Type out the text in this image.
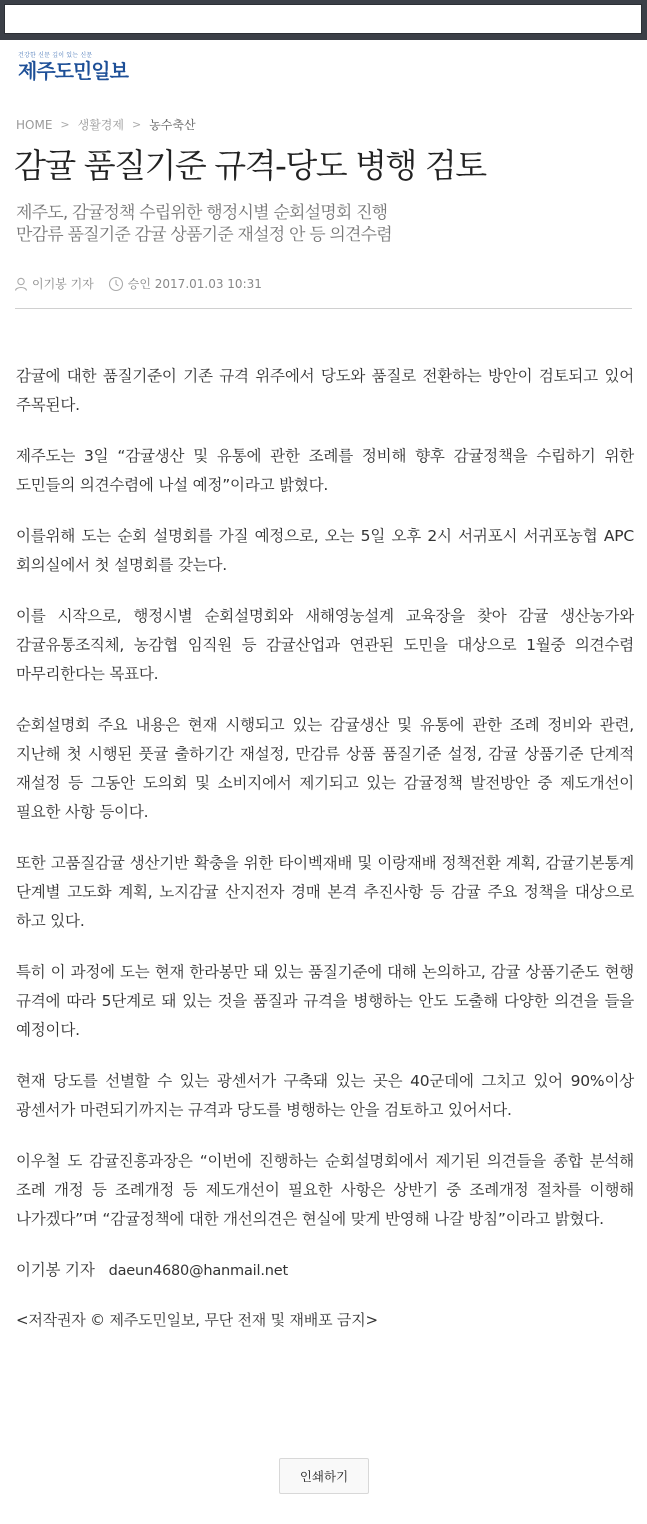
건강한 신문 깊이 있는 신문
제주도민일보
HOME > 생활경제 > 농수축산
감귤 품질기준 규격-당도 병행 검토
제주도, 감귤정책 수립위한 행정시별 순회설명회 진행
만감류 품질기준 감귤 상품기준 재설정 안 등 의견수렴
이기봉 기자	승인 2017.01.03 10:31

감귤에 대한 품질기준이 기존 규격 위주에서 당도와 품질로 전환하는 방안이 검토되고 있어 주목된다.

제주도는 3일 “감귤생산 및 유통에 관한 조례를 정비해 향후 감귤정책을 수립하기 위한 도민들의 의견수렴에 나설 예정”이라고 밝혔다.

이를위해 도는 순회 설명회를 가질 예정으로, 오는 5일 오후 2시 서귀포시 서귀포농협 APC 회의실에서 첫 설명회를 갖는다.

이를 시작으로, 행정시별 순회설명회와 새해영농설계 교육장을 찾아 감귤 생산농가와 감귤유통조직체, 농감협 임직원 등 감귤산업과 연관된 도민을 대상으로 1월중 의견수렴 마무리한다는 목표다.

순회설명회 주요 내용은 현재 시행되고 있는 감귤생산 및 유통에 관한 조례 정비와 관련, 지난해 첫 시행된 풋귤 출하기간 재설정, 만감류 상품 품질기준 설정, 감귤 상품기준 단계적 재설정 등 그동안 도의회 및 소비지에서 제기되고 있는 감귤정책 발전방안 중 제도개선이 필요한 사항 등이다.

또한 고품질감귤 생산기반 확충을 위한 타이벡재배 및 이랑재배 정책전환 계획, 감귤기본통계 단계별 고도화 계획, 노지감귤 산지전자 경매 본격 추진사항 등 감귤 주요 정책을 대상으로 하고 있다.

특히 이 과정에 도는 현재 한라봉만 돼 있는 품질기준에 대해 논의하고, 감귤 상품기준도 현행 규격에 따라 5단계로 돼 있는 것을 품질과 규격을 병행하는 안도 도출해 다양한 의견을 들을 예정이다.

현재 당도를 선별할 수 있는 광센서가 구축돼 있는 곳은 40군데에 그치고 있어 90%이상 광센서가 마련되기까지는 규격과 당도를 병행하는 안을 검토하고 있어서다.

이우철 도 감귤진흥과장은 “이번에 진행하는 순회설명회에서 제기된 의견들을 종합 분석해 조례 개정 등 조례개정 등 제도개선이 필요한 사항은 상반기 중 조례개정 절차를 이행해 나가겠다”며 “감귤정책에 대한 개선의견은 현실에 맞게 반영해 나갈 방침”이라고 밝혔다.

이기봉 기자 daeun4680@hanmail.net
<저작권자 © 제주도민일보, 무단 전재 및 재배포 금지>
인쇄하기
